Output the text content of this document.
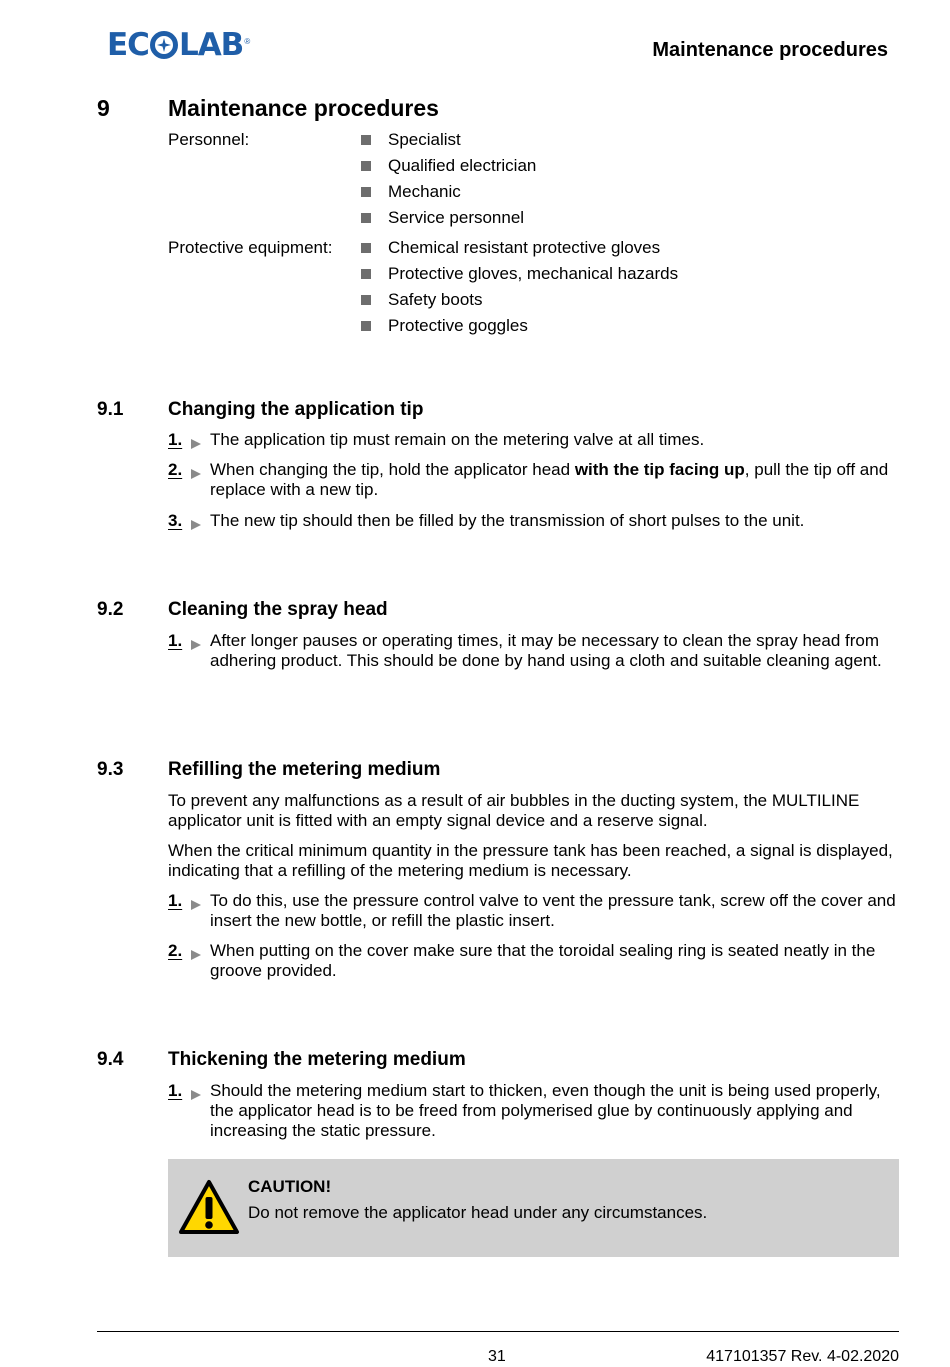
EC LAB ®	Maintenance procedures
9	Maintenance procedures
Personnel:	Specialist
Qualified electrician
Mechanic
Service personnel
Protective equipment:	Chemical resistant protective gloves
Protective gloves, mechanical hazards
Safety boots
Protective goggles
9.1 Changing the application tip
1.	The application tip must remain on the metering valve at all times.
2.	When changing the tip, hold the applicator head with the tip facing up, pull the tip off and replace with a new tip.
3.	The new tip should then be filled by the transmission of short pulses to the unit.
9.2 Cleaning the spray head
1.	After longer pauses or operating times, it may be necessary to clean the spray head from adhering product. This should be done by hand using a cloth and suitable cleaning agent.
9.3 Refilling the metering medium
To prevent any malfunctions as a result of air bubbles in the ducting system, the MULTILINE applicator unit is fitted with an empty signal device and a reserve signal.
When the critical minimum quantity in the pressure tank has been reached, a signal is displayed, indicating that a refilling of the metering medium is necessary.
1.	To do this, use the pressure control valve to vent the pressure tank, screw off the cover and insert the new bottle, or refill the plastic insert.
2.	When putting on the cover make sure that the toroidal sealing ring is seated neatly in the groove provided.
9.4 Thickening the metering medium
1.	Should the metering medium start to thicken, even though the unit is being used properly, the applicator head is to be freed from polymerised glue by continuously applying and increasing the static pressure.
CAUTION!
Do not remove the applicator head under any circumstances.
31	417101357 Rev. 4-02.2020
